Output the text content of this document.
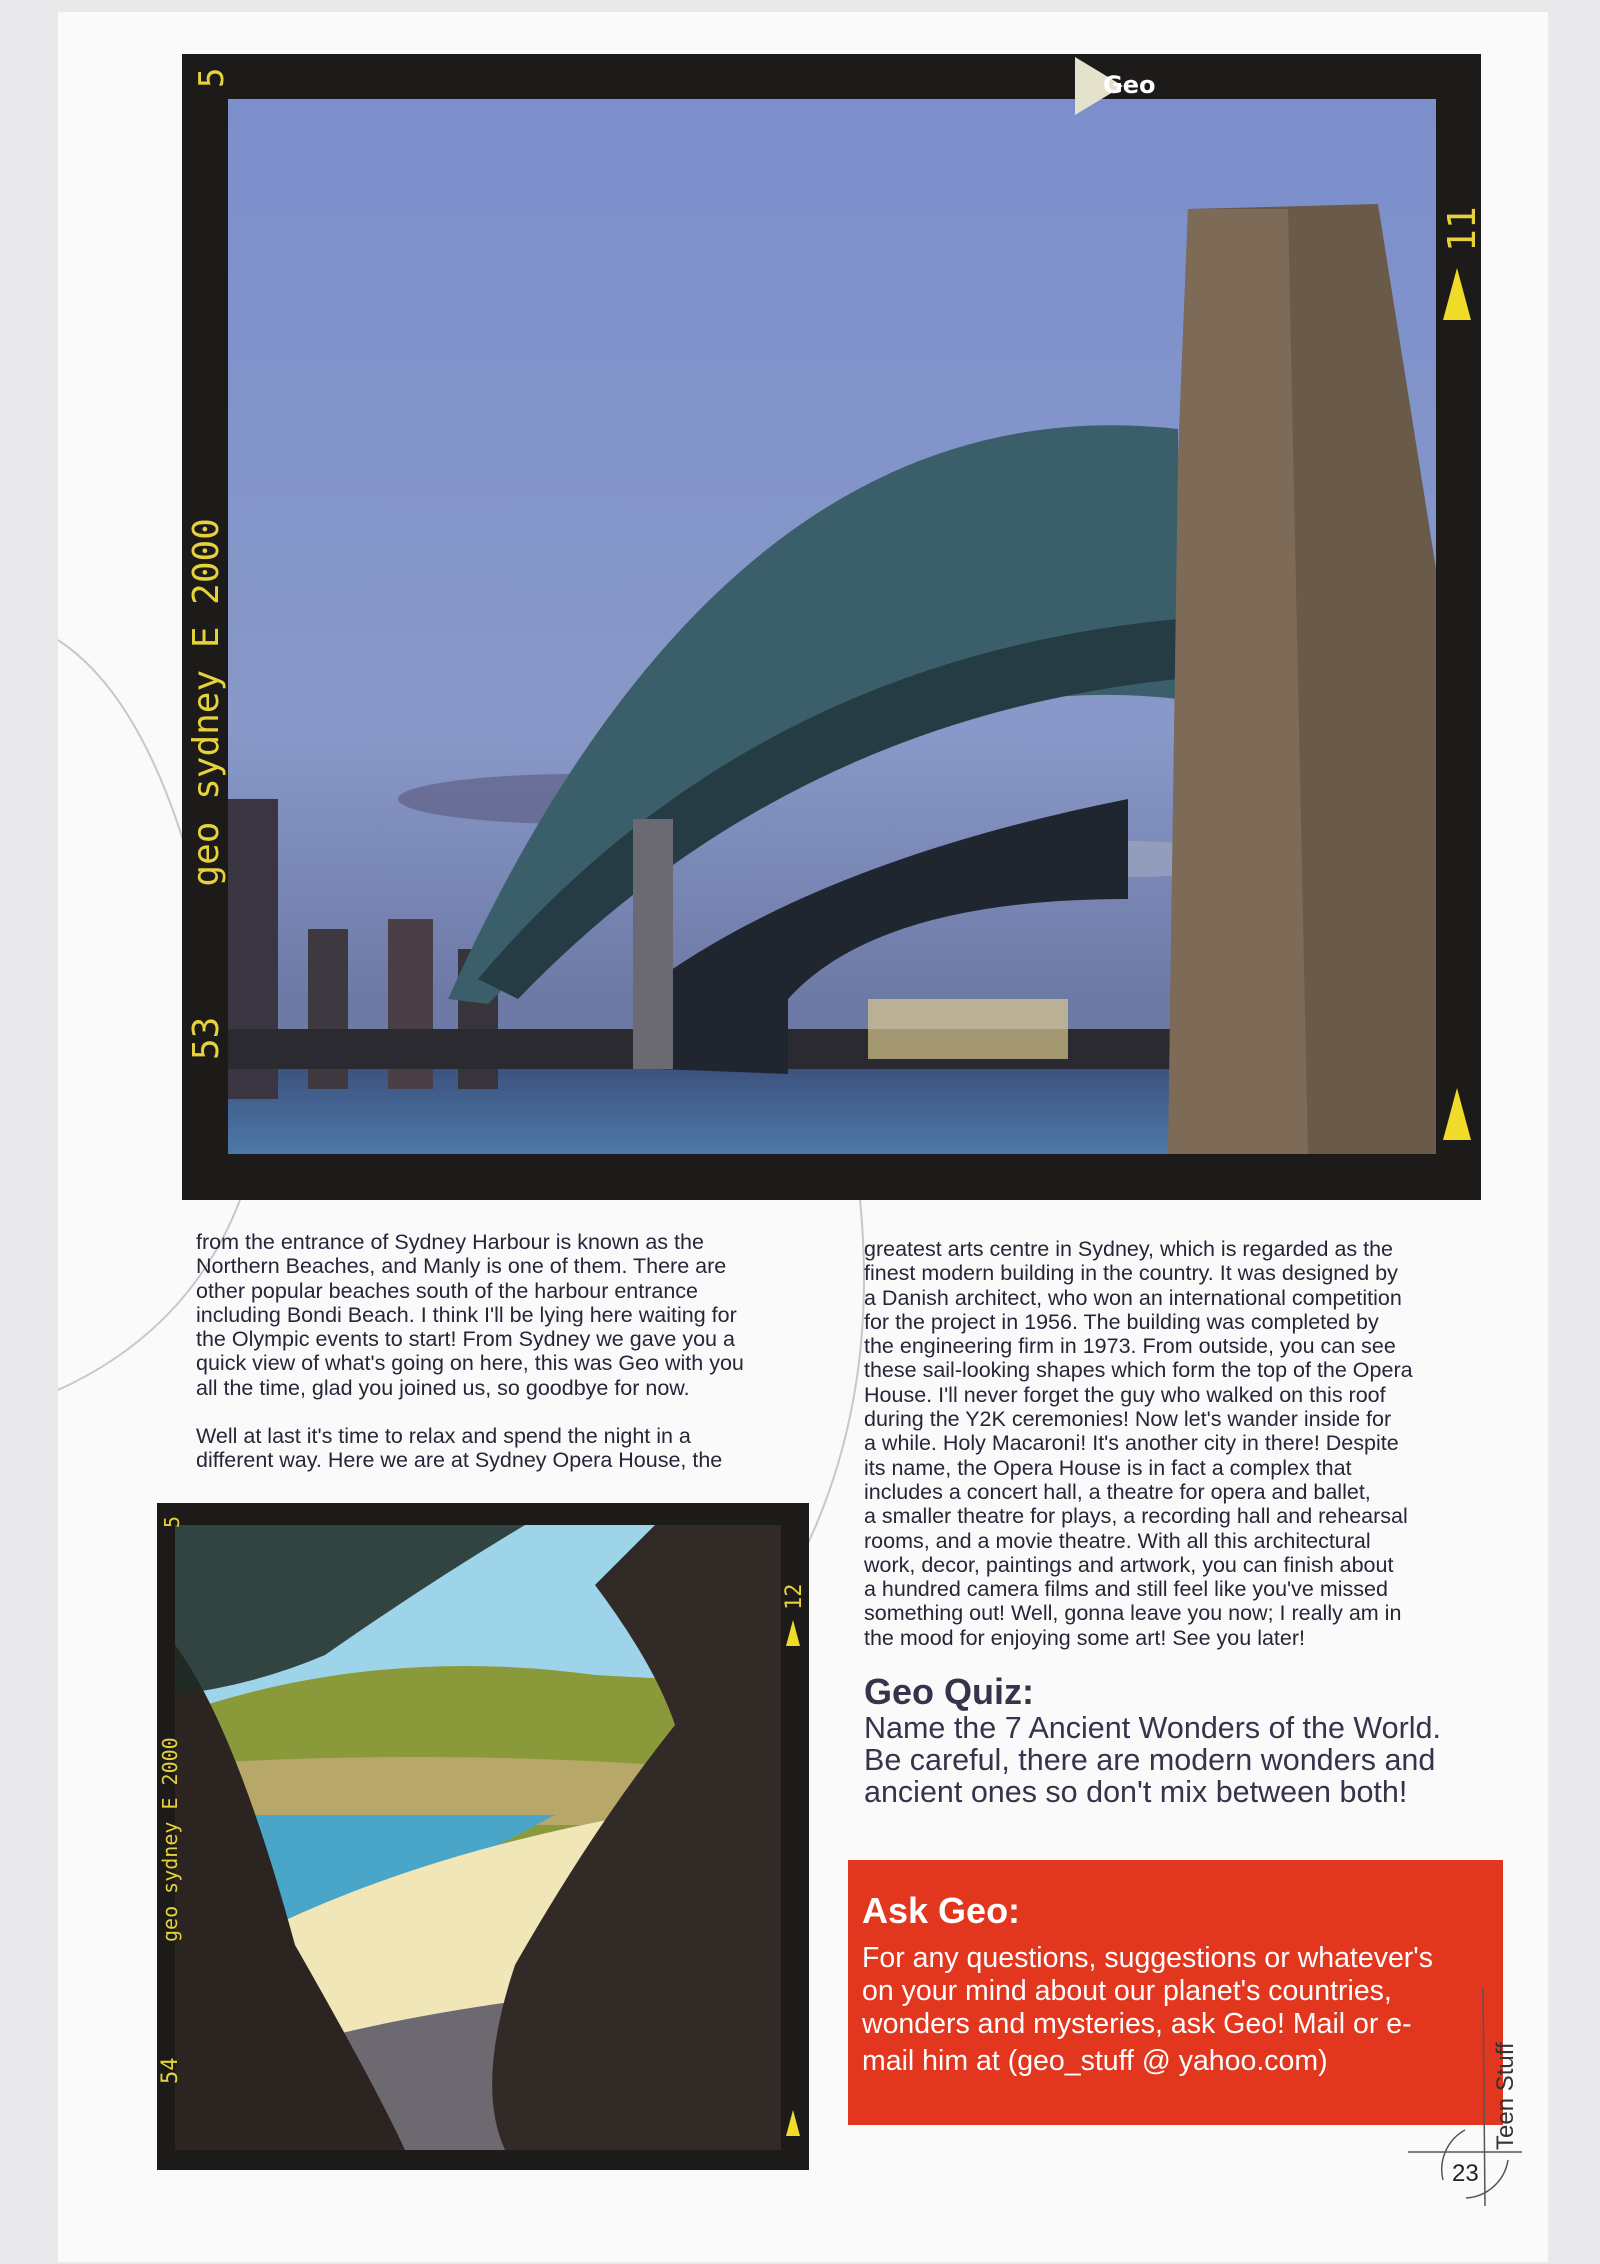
5
53      geo sydney E 2000
Geo
11
from the entrance of Sydney Harbour is known as the
Northern Beaches, and Manly is one of them. There are
other popular beaches south of the harbour entrance
including Bondi Beach. I think I'll be lying here waiting for
the Olympic events to start! From Sydney we gave you a
quick view of what's going on here, this was Geo with you
all the time, glad you joined us, so goodbye for now.
Well at last it's time to relax and spend the night in a
different way. Here we are at Sydney Opera House, the
greatest arts centre in Sydney, which is regarded as the
finest modern building in the country. It was designed by
a Danish architect, who won an international competition
for the project in 1956. The building was completed by
the engineering firm in 1973. From outside, you can see
these sail-looking shapes which form the top of the Opera
House. I'll never forget the guy who walked on this roof
during the Y2K ceremonies! Now let's wander inside for
a while. Holy Macaroni! It's another city in there! Despite
its name, the Opera House is in fact a complex that
includes a concert hall, a theatre for opera and ballet,
a smaller theatre for plays, a recording hall and rehearsal
rooms, and a movie theatre. With all this architectural
work, decor, paintings and artwork, you can finish about
a hundred camera films and still feel like you've missed
something out! Well, gonna leave you now; I really am in
the mood for enjoying some art! See you later!
5
geo sydney E 2000
54
12
Geo Quiz:
Name the 7 Ancient Wonders of the World.
Be careful, there are modern wonders and
ancient ones so don't mix between both!
Ask Geo:
For any questions, suggestions or whatever's
on your mind about our planet's countries,
wonders and mysteries, ask Geo! Mail or e-
mail him at (geo_stuff @ yahoo.com)	Teen Stuff
23
